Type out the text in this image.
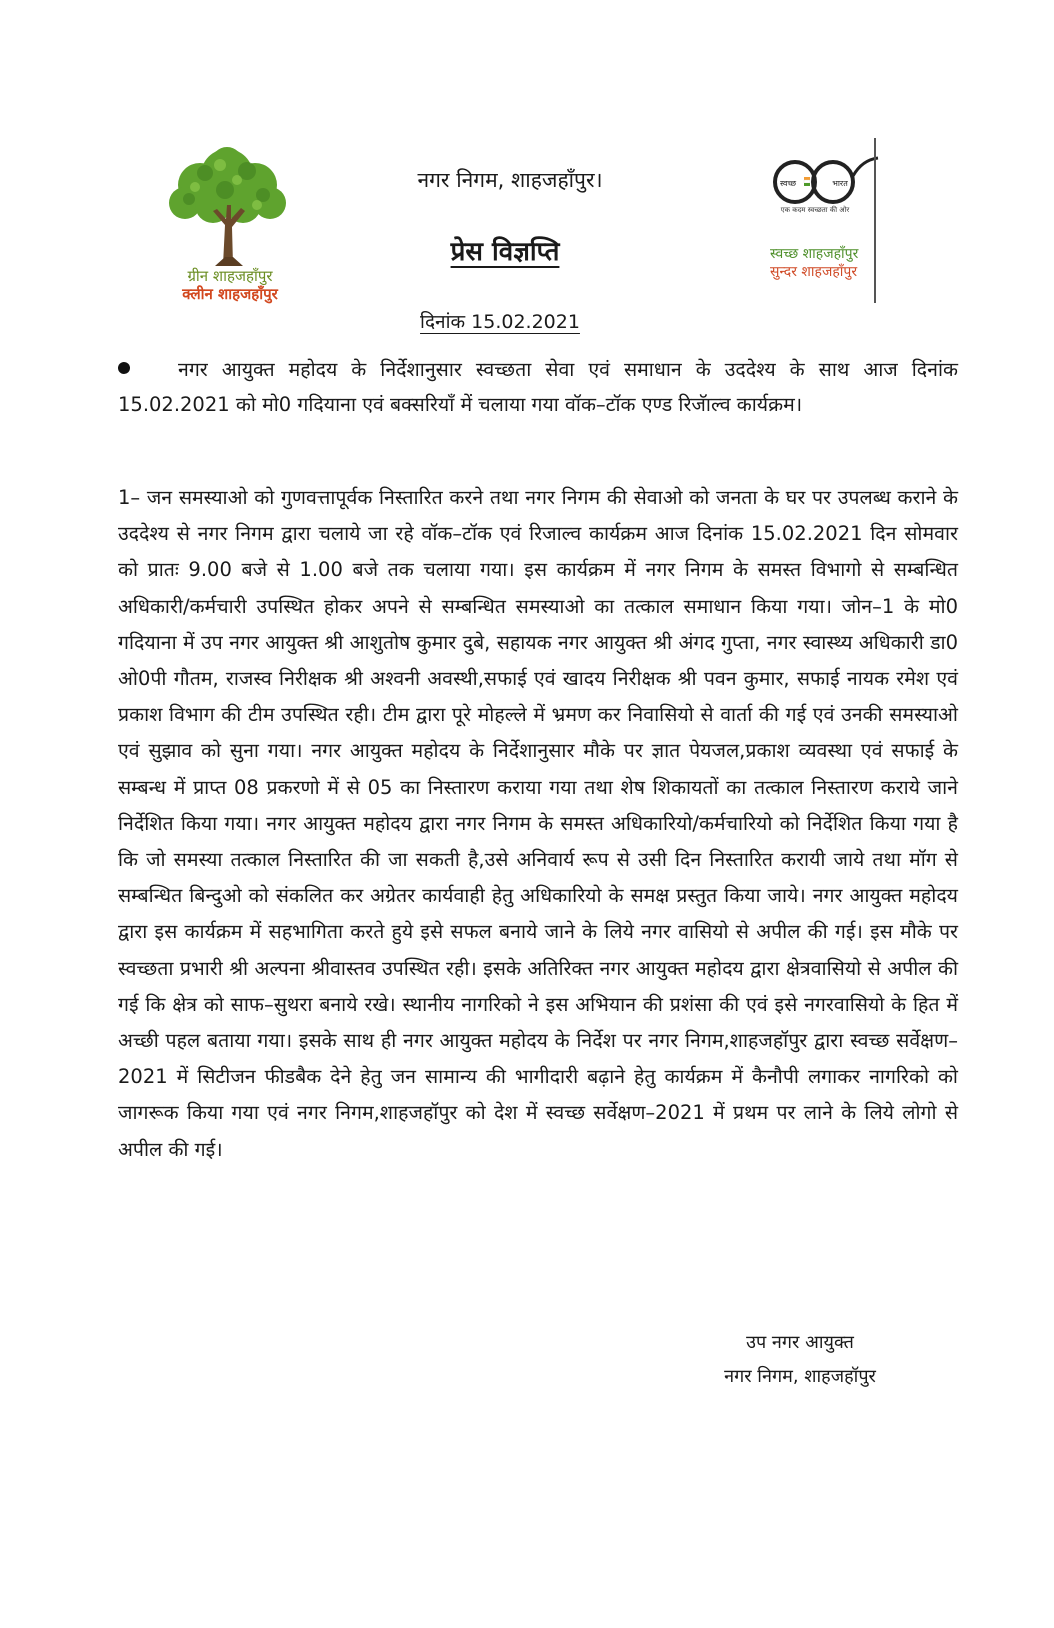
ग्रीन शाहजहाँपुर
क्लीन शाहजहाँपुर
नगर निगम, शाहजहाँपुर।
प्रेस विज्ञप्ति
दिनांक 15.02.2021
स्वच्छ	भारत
एक कदम स्वच्छता की ओर
स्वच्छ शाहजहाँपुर
सुन्दर शाहजहाँपुर
नगर आयुक्त महोदय के निर्देशानुसार स्वच्छता सेवा एवं समाधान के उददेश्य के साथ आज दिनांक 15.02.2021 को मो0 गदियाना एवं बक्सरियाँ में चलाया गया वॉक–टॉक एण्ड रिजॅाल्व कार्यक्रम।
1– जन समस्याओ को गुणवत्तापूर्वक निस्तारित करने तथा नगर निगम की सेवाओ को जनता के घर पर उपलब्ध कराने के उददेश्य से नगर निगम द्वारा चलाये जा रहे वॉक–टॉक एवं रिजाल्व कार्यक्रम आज दिनांक 15.02.2021 दिन सोमवार को प्रातः 9.00 बजे से 1.00 बजे तक चलाया गया। इस कार्यक्रम में नगर निगम के समस्त विभागो से सम्बन्धित अधिकारी/कर्मचारी उपस्थित होकर अपने से सम्बन्धित समस्याओ का तत्काल समाधान किया गया। जोन–1 के मो0 गदियाना में उप नगर आयुक्त श्री आशुतोष कुमार दुबे, सहायक नगर आयुक्त श्री अंगद गुप्ता, नगर स्वास्थ्य अधिकारी डा0 ओ0पी गौतम, राजस्व निरीक्षक श्री अश्वनी अवस्थी,सफाई एवं खादय निरीक्षक श्री पवन कुमार, सफाई नायक रमेश एवं प्रकाश विभाग की टीम उपस्थित रही। टीम द्वारा पूरे मोहल्ले में भ्रमण कर निवासियो से वार्ता की गई एवं उनकी समस्याओ एवं सुझाव को सुना गया। नगर आयुक्त महोदय के निर्देशानुसार मौके पर ज्ञात पेयजल,प्रकाश व्यवस्था एवं सफाई के सम्बन्ध में प्राप्त 08 प्रकरणो में से 05 का निस्तारण कराया गया तथा शेष शिकायतों का तत्काल निस्तारण कराये जाने निर्देशित किया गया। नगर आयुक्त महोदय द्वारा नगर निगम के समस्त अधिकारियो/कर्मचारियो को निर्देशित किया गया है कि जो समस्या तत्काल निस्तारित की जा सकती है,उसे अनिवार्य रूप से उसी दिन निस्तारित करायी जाये तथा मॉग से सम्बन्धित बिन्दुओ को संकलित कर अग्रेतर कार्यवाही हेतु अधिकारियो के समक्ष प्रस्तुत किया जाये। नगर आयुक्त महोदय द्वारा इस कार्यक्रम में सहभागिता करते हुये इसे सफल बनाये जाने के लिये नगर वासियो से अपील की गई। इस मौके पर स्वच्छता प्रभारी श्री अल्पना श्रीवास्तव उपस्थित रही। इसके अतिरिक्त नगर आयुक्त महोदय द्वारा क्षेत्रवासियो से अपील की गई कि क्षेत्र को साफ–सुथरा बनाये रखे। स्थानीय नागरिको ने इस अभियान की प्रशंसा की एवं इसे नगरवासियो के हित में अच्छी पहल बताया गया। इसके साथ ही नगर आयुक्त महोदय के निर्देश पर नगर निगम,शाहजहॉपुर द्वारा स्वच्छ सर्वेक्षण–2021 में सिटीजन फीडबैक देने हेतु जन सामान्य की भागीदारी बढ़ाने हेतु कार्यक्रम में कैनौपी लगाकर नागरिको को जागरूक किया गया एवं नगर निगम,शाहजहॉपुर को देश में स्वच्छ सर्वेक्षण–2021 में प्रथम पर लाने के लिये लोगो से अपील की गई।
उप नगर आयुक्त
नगर निगम, शाहजहॉपुर
